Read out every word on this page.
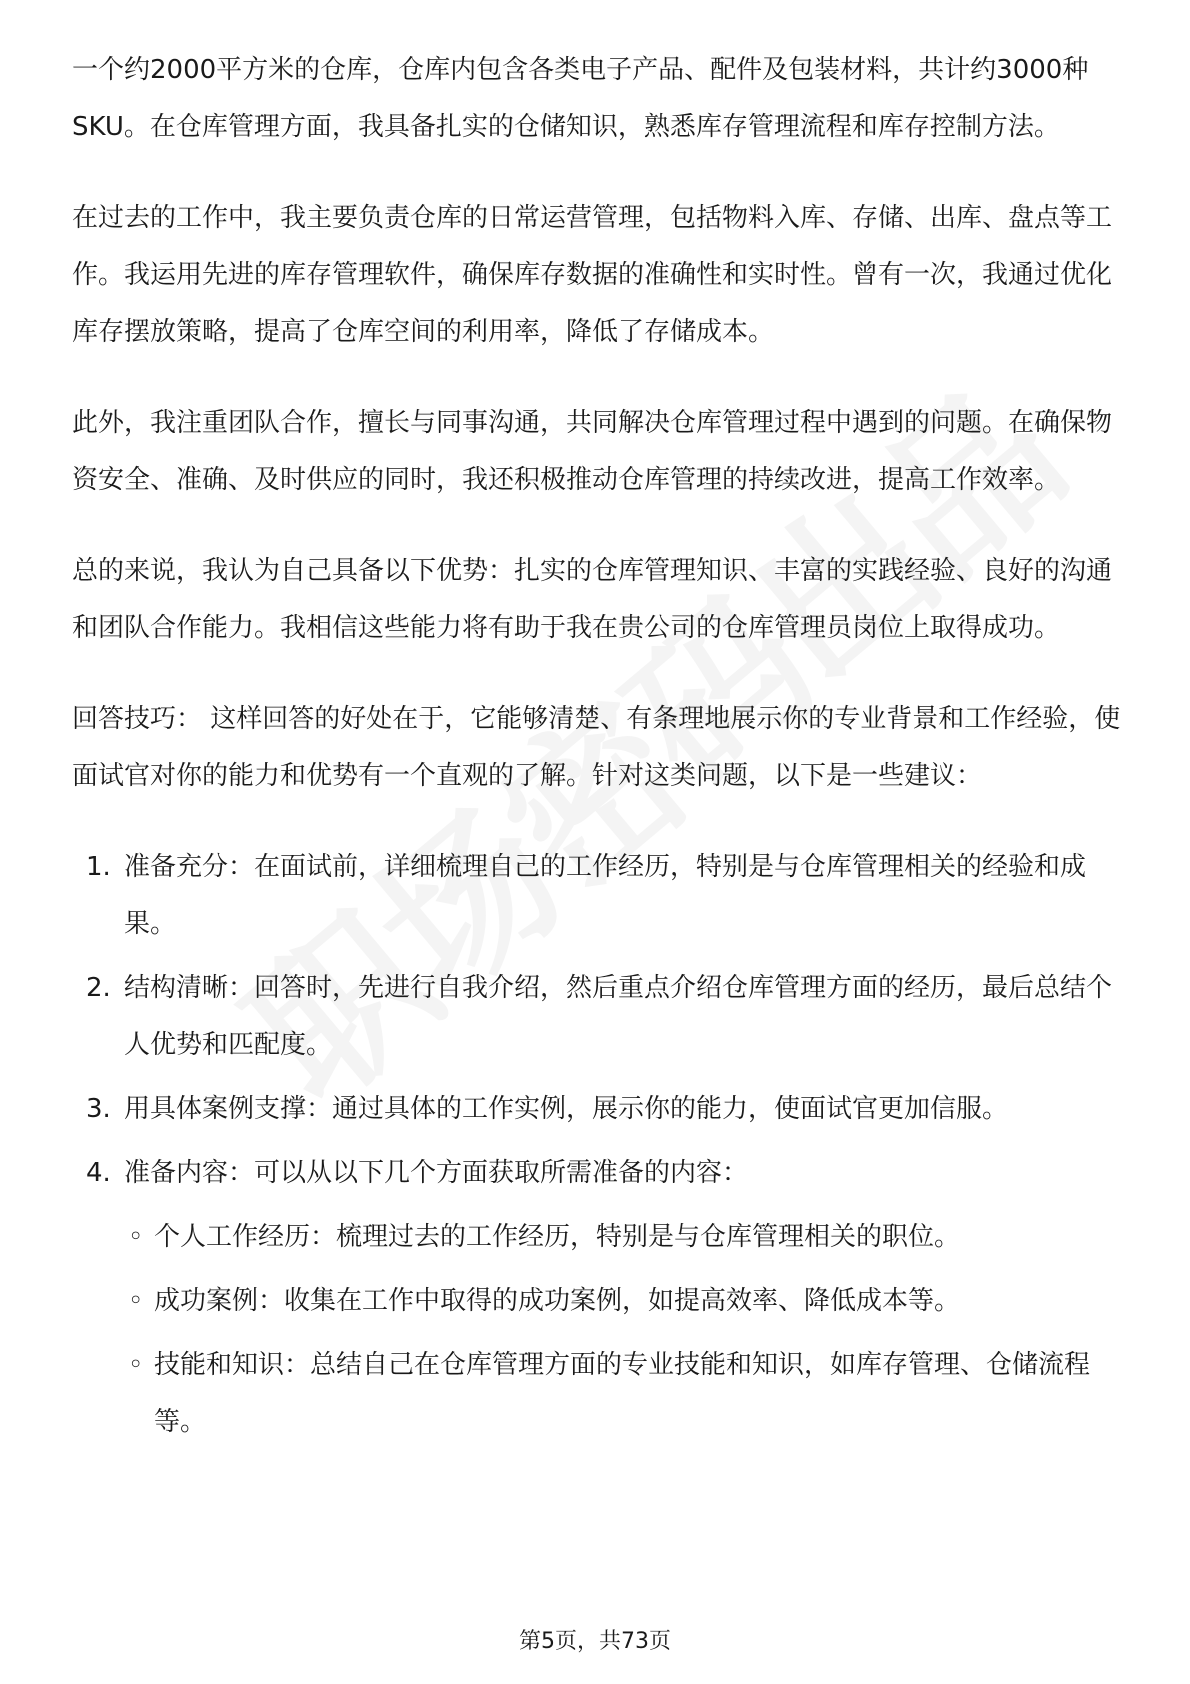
一个约2000平方米的仓库，仓库内包含各类电子产品、配件及包装材料，共计约3000种SKU。在仓库管理方面，我具备扎实的仓储知识，熟悉库存管理流程和库存控制方法。

在过去的工作中，我主要负责仓库的日常运营管理，包括物料入库、存储、出库、盘点等工作。我运用先进的库存管理软件，确保库存数据的准确性和实时性。曾有一次，我通过优化库存摆放策略，提高了仓库空间的利用率，降低了存储成本。

此外，我注重团队合作，擅长与同事沟通，共同解决仓库管理过程中遇到的问题。在确保物资安全、准确、及时供应的同时，我还积极推动仓库管理的持续改进，提高工作效率。

总的来说，我认为自己具备以下优势：扎实的仓库管理知识、丰富的实践经验、良好的沟通和团队合作能力。我相信这些能力将有助于我在贵公司的仓库管理员岗位上取得成功。

回答技巧： 这样回答的好处在于，它能够清楚、有条理地展示你的专业背景和工作经验，使面试官对你的能力和优势有一个直观的了解。针对这类问题，以下是一些建议：

1. 准备充分：在面试前，详细梳理自己的工作经历，特别是与仓库管理相关的经验和成果。
2. 结构清晰：回答时，先进行自我介绍，然后重点介绍仓库管理方面的经历，最后总结个人优势和匹配度。
3. 用具体案例支撑：通过具体的工作实例，展示你的能力，使面试官更加信服。
4. 准备内容：可以从以下几个方面获取所需准备的内容：
◦ 个人工作经历：梳理过去的工作经历，特别是与仓库管理相关的职位。
◦ 成功案例：收集在工作中取得的成功案例，如提高效率、降低成本等。
◦ 技能和知识：总结自己在仓库管理方面的专业技能和知识，如库存管理、仓储流程等。
第5页，共73页
